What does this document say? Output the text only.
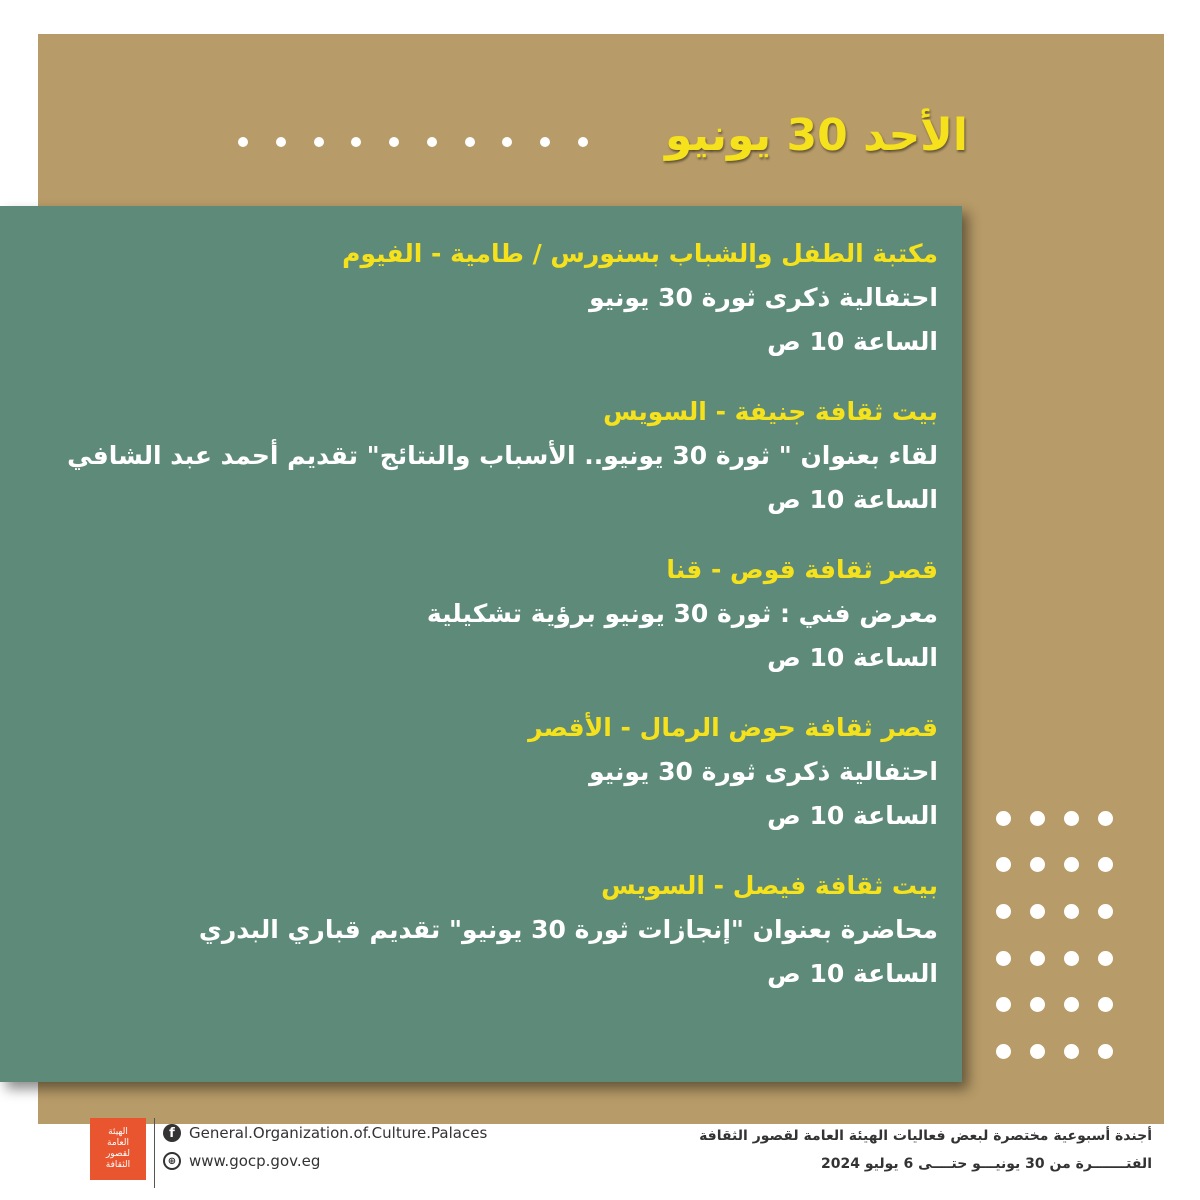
الأحد 30 يونيو
مكتبة الطفل والشباب بسنورس / طامية - الفيوم
احتفالية ذكرى ثورة 30 يونيو
الساعة 10 ص
بيت ثقافة جنيفة - السويس
لقاء بعنوان " ثورة 30 يونيو.. الأسباب والنتائج" تقديم أحمد عبد الشافي
الساعة 10 ص
قصر ثقافة قوص - قنا
معرض فني : ثورة 30 يونيو برؤية تشكيلية
الساعة 10 ص
قصر ثقافة حوض الرمال - الأقصر
احتفالية ذكرى ثورة 30 يونيو
الساعة 10 ص
بيت ثقافة فيصل - السويس
محاضرة بعنوان "إنجازات ثورة 30 يونيو" تقديم قباري البدري
الساعة 10 ص
الهيئة
العامة
لقصور
الثقافة
f General.Organization.of.Culture.Palaces
⊕ www.gocp.gov.eg
أجندة أسبوعية مختصرة لبعض فعاليات الهيئة العامة لقصور الثقافة
الفتـــــــرة من 30 يونيـــو حتــــى 6 يوليو 2024
